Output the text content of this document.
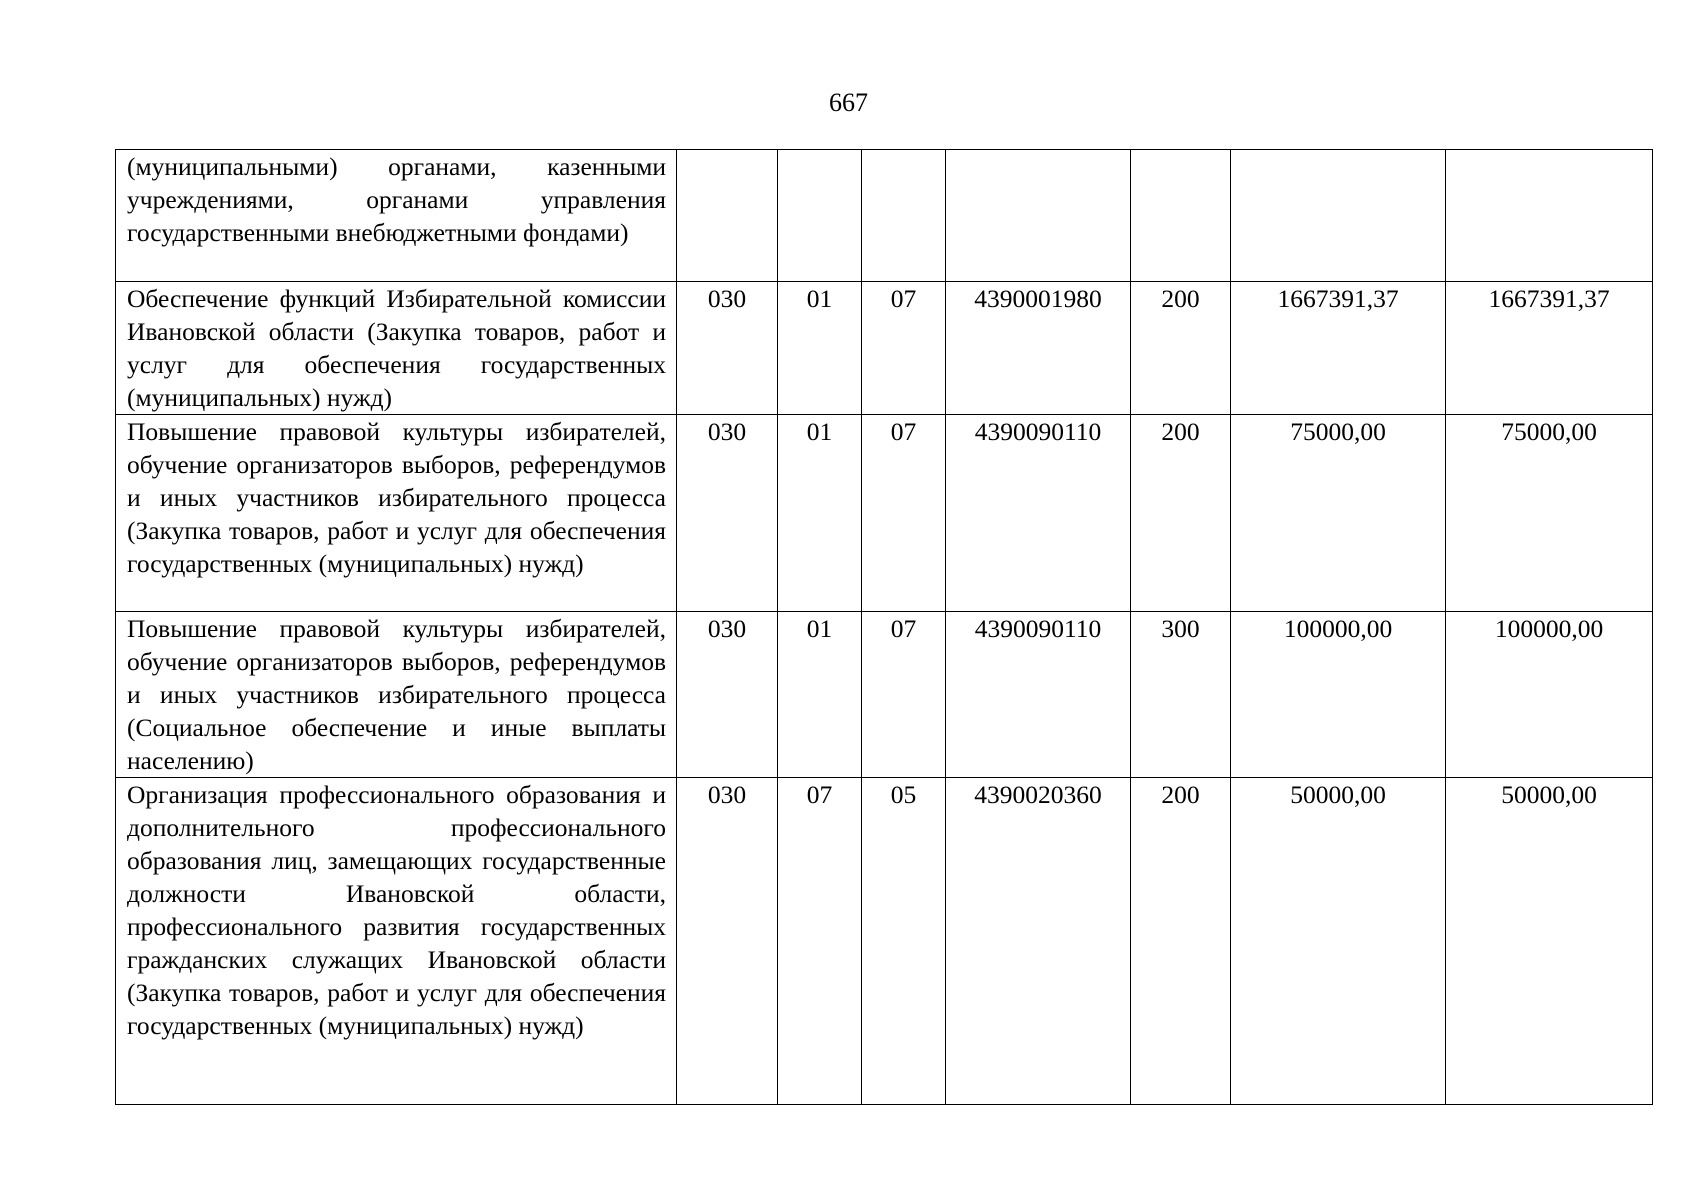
667
(муниципальными) органами, казенными учреждениями, органами управления государственными внебюджетными фондами)							
Обеспечение функций Избирательной комиссии Ивановской области (Закупка товаров, работ и услуг для обеспечения государственных (муниципальных) нужд)	030	01	07	4390001980	200	1667391,37	1667391,37
Повышение правовой культуры избирателей, обучение организаторов выборов, референдумов и иных участников избирательного процесса (Закупка товаров, работ и услуг для обеспечения государственных (муниципальных) нужд)	030	01	07	4390090110	200	75000,00	75000,00
Повышение правовой культуры избирателей, обучение организаторов выборов, референдумов и иных участников избирательного процесса (Социальное обеспечение и иные выплаты населению)	030	01	07	4390090110	300	100000,00	100000,00
Организация профессионального образования и дополнительного профессионального образования лиц, замещающих государственные должности Ивановской области, профессионального развития государственных гражданских служащих Ивановской области (Закупка товаров, работ и услуг для обеспечения государственных (муниципальных) нужд)	030	07	05	4390020360	200	50000,00	50000,00
